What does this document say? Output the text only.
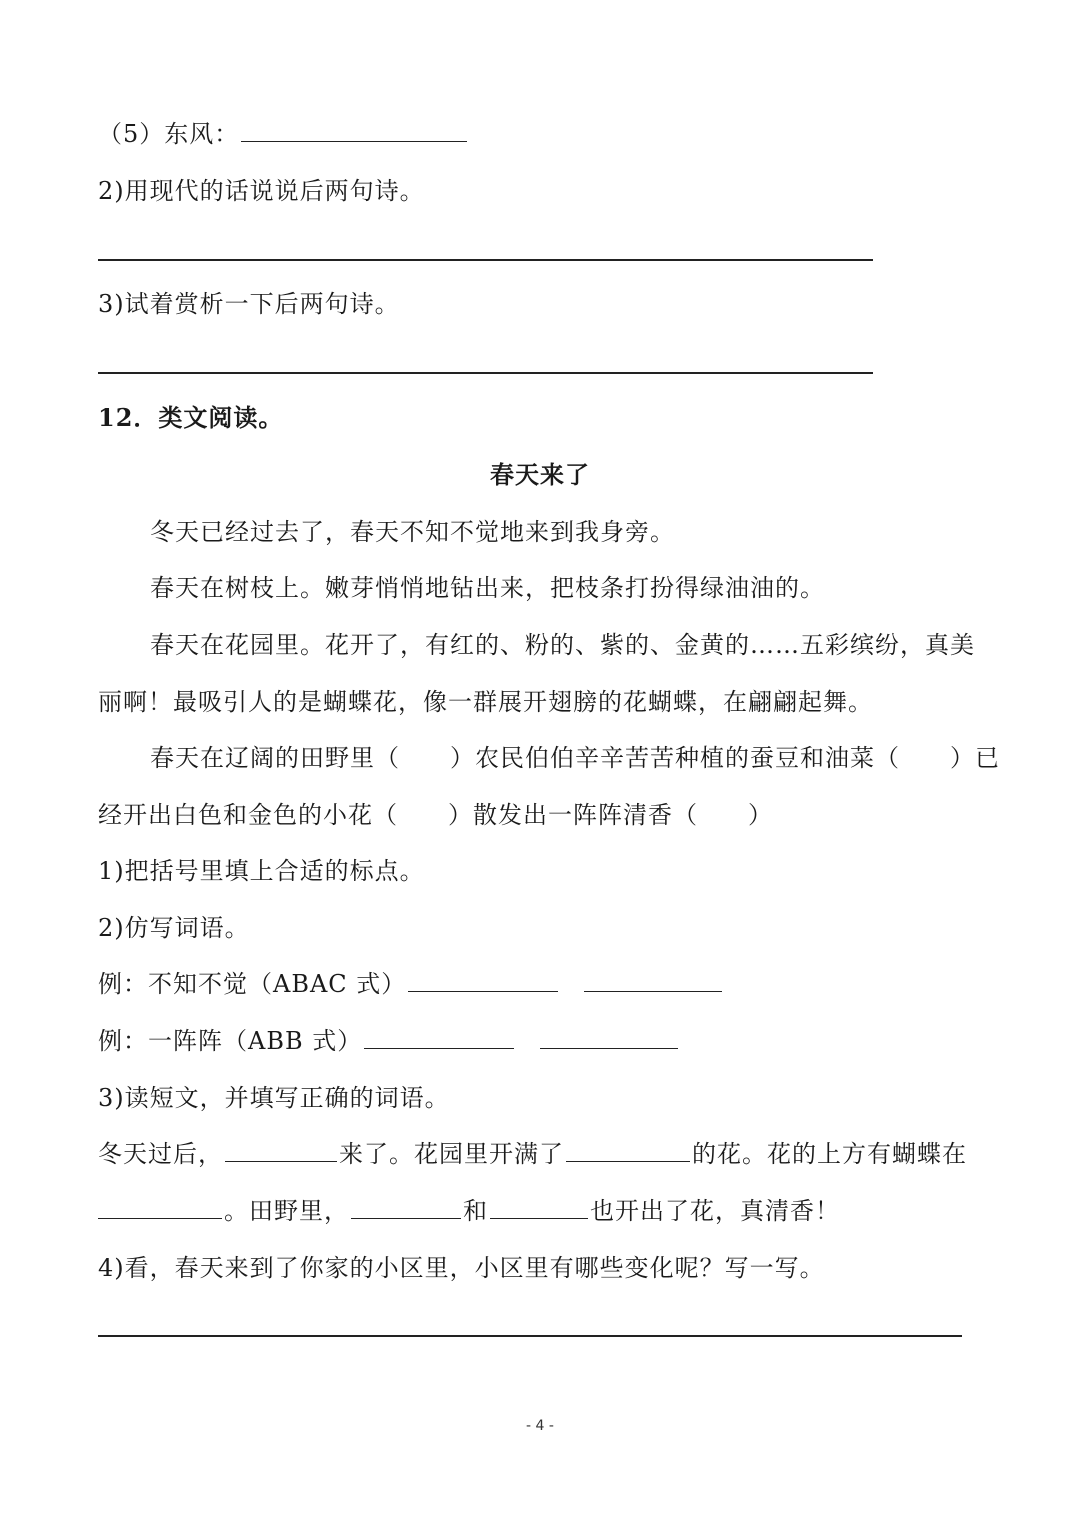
（5）东风：
2)用现代的话说说后两句诗。
3)试着赏析一下后两句诗。
12．类文阅读。
春天来了
冬天已经过去了，春天不知不觉地来到我身旁。
春天在树枝上。嫩芽悄悄地钻出来，把枝条打扮得绿油油的。
春天在花园里。花开了，有红的、粉的、紫的、金黄的……五彩缤纷，真美
丽啊！最吸引人的是蝴蝶花，像一群展开翅膀的花蝴蝶，在翩翩起舞。
春天在辽阔的田野里（　　）农民伯伯辛辛苦苦种植的蚕豆和油菜（　　）已
经开出白色和金色的小花（　　）散发出一阵阵清香（　　）
1)把括号里填上合适的标点。
2)仿写词语。
例：不知不觉（ABAC 式）
例：一阵阵（ABB 式）
3)读短文，并填写正确的词语。
冬天过后，	来了。花园里开满了	的花。花的上方有蝴蝶在
。田野里，	和	也开出了花，真清香！
4)看，春天来到了你家的小区里，小区里有哪些变化呢？写一写。
- 4 -
